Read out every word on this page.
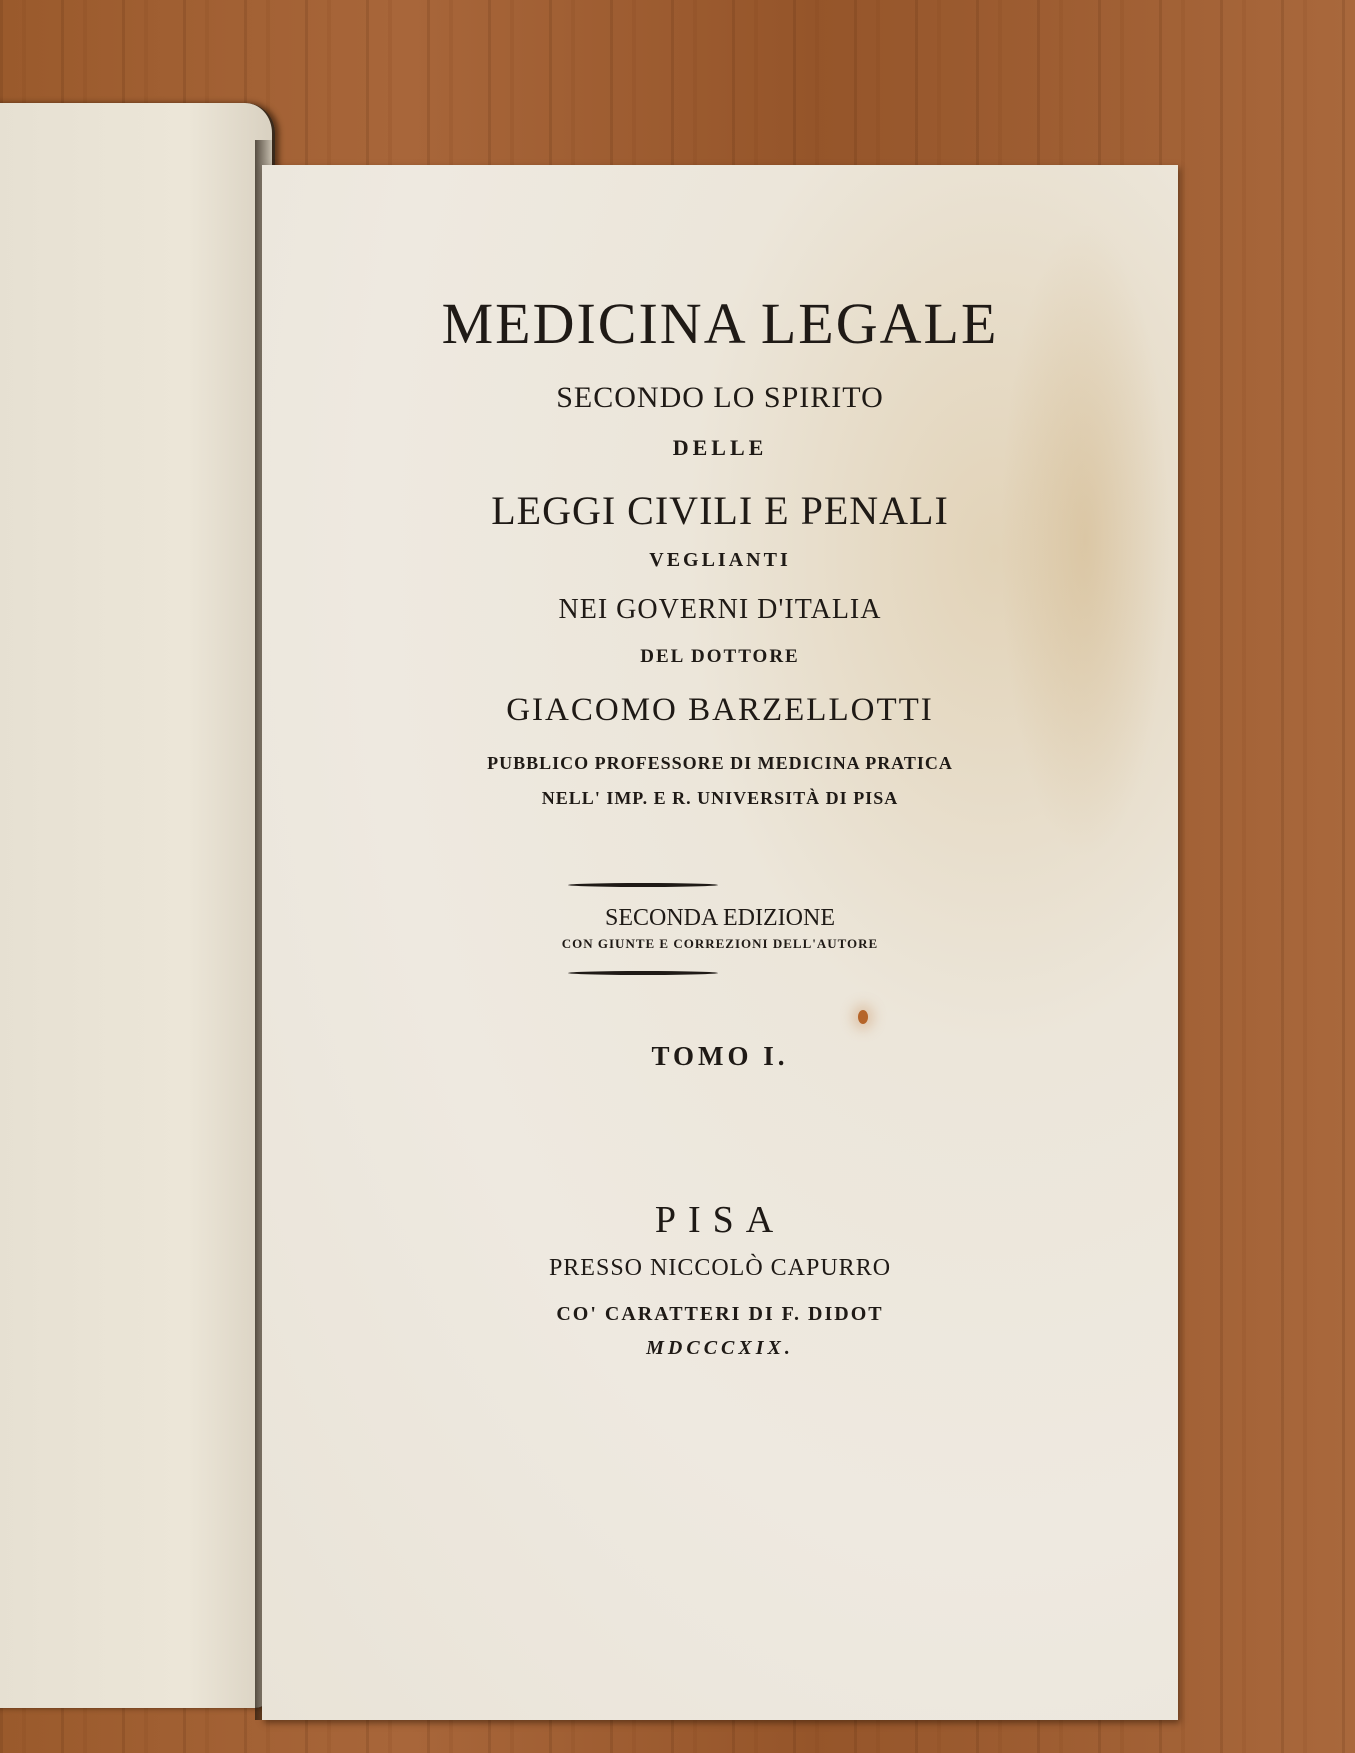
MEDICINA LEGALE
SECONDO LO SPIRITO
DELLE
LEGGI CIVILI E PENALI
VEGLIANTI
NEI GOVERNI D'ITALIA
DEL DOTTORE
GIACOMO BARZELLOTTI
PUBBLICO PROFESSORE DI MEDICINA PRATICA
NELL' IMP. E R. UNIVERSITÀ DI PISA
SECONDA EDIZIONE
CON GIUNTE E CORREZIONI DELL'AUTORE
TOMO I.
PISA
PRESSO NICCOLÒ CAPURRO
CO' CARATTERI DI F. DIDOT
MDCCCXIX.
